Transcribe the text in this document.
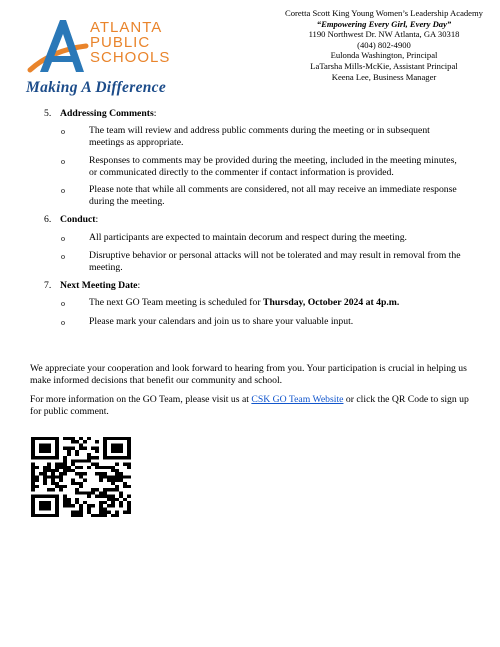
ATLANTA
PUBLIC
SCHOOLS
Making A Difference
Coretta Scott King Young Women’s Leadership Academy
“Empowering Every Girl, Every Day”
1190 Northwest Dr. NW Atlanta, GA 30318
(404) 802-4900
Eulonda Washington, Principal
LaTarsha Mills-McKie, Assistant Principal
Keena Lee, Business Manager
5. Addressing Comments:
o	The team will review and address public comments during the meeting or in subsequent meetings as appropriate.
o	Responses to comments may be provided during the meeting, included in the meeting minutes, or communicated directly to the commenter if contact information is provided.
o	Please note that while all comments are considered, not all may receive an immediate response during the meeting.
6. Conduct:
o	All participants are expected to maintain decorum and respect during the meeting.
o	Disruptive behavior or personal attacks will not be tolerated and may result in removal from the meeting.
7. Next Meeting Date:
o	The next GO Team meeting is scheduled for Thursday, October 2024 at 4p.m.
o	Please mark your calendars and join us to share your valuable input.
We appreciate your cooperation and look forward to hearing from you. Your participation is crucial in helping us make informed decisions that benefit our community and school.
For more information on the GO Team, please visit us at CSK GO Team Website or click the QR Code to sign up for public comment.
